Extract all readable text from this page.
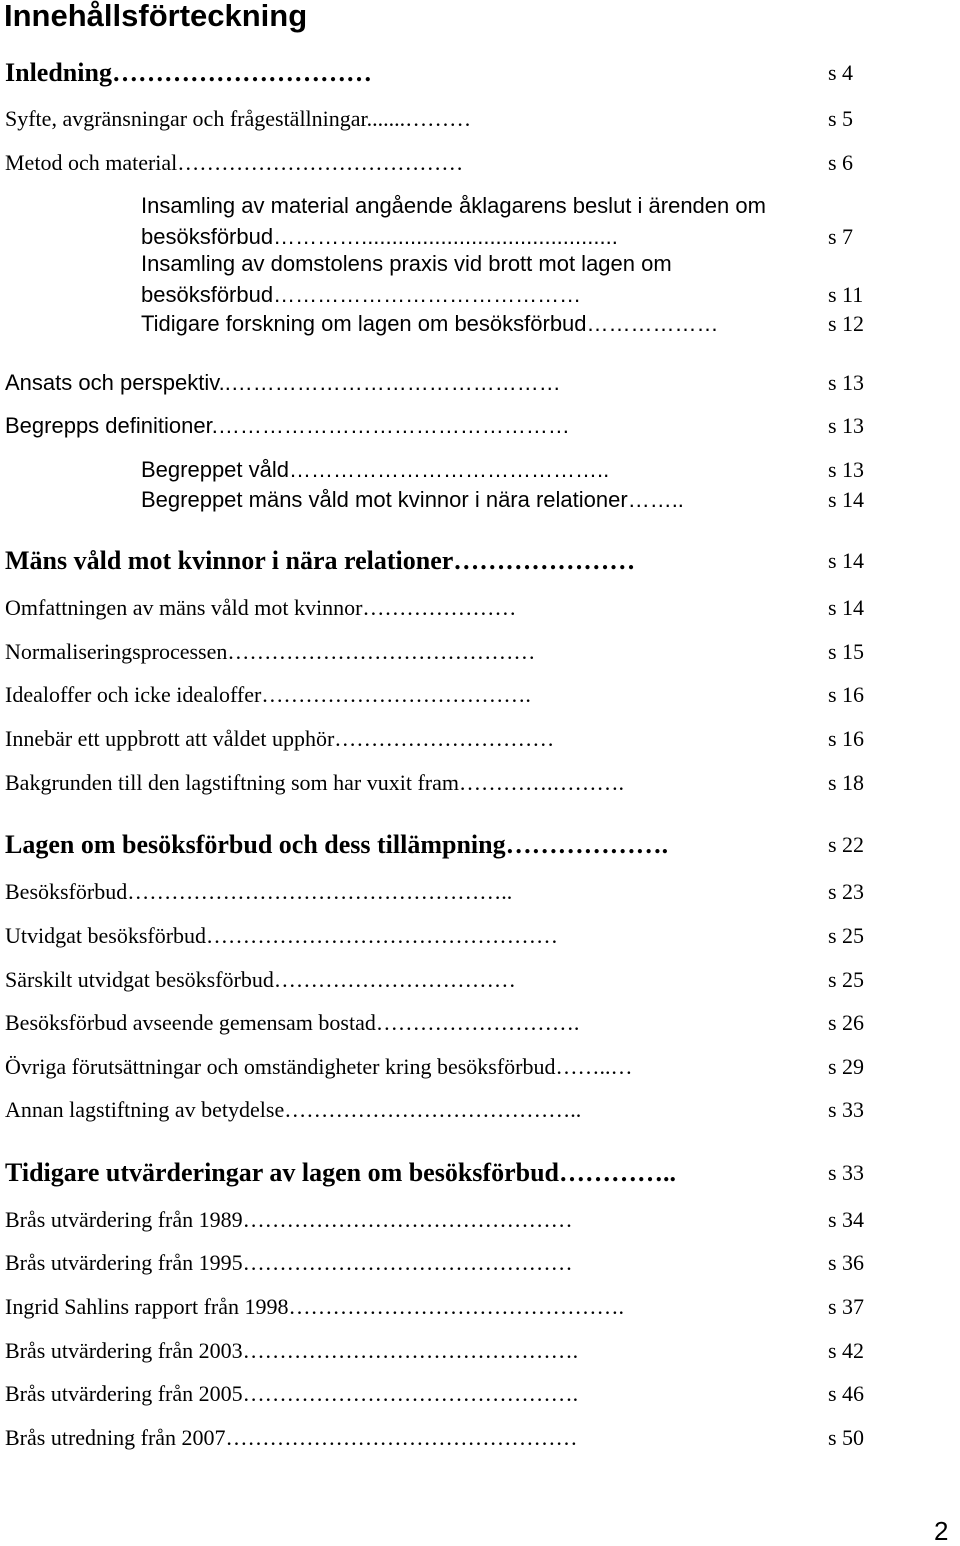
Innehållsförteckning
Inledning…………………………	s 4
Syfte, avgränsningar och frågeställningar.......………	s 5
Metod och material…………………………………	s 6
Insamling av material angående åklagarens beslut i ärenden om
besöksförbud…………..........................................	s 7
Insamling av domstolens praxis vid brott mot lagen om
besöksförbud……………………………………	s 11
Tidigare forskning om lagen om besöksförbud………………	s 12
Ansats och perspektiv..………………………………………	s 13
Begrepps definitioner.…………………………………………	s 13
Begreppet våld……………………………………..	s 13
Begreppet mäns våld mot kvinnor i nära relationer……..	s 14
Mäns våld mot kvinnor i nära relationer…………………	s 14
Omfattningen av mäns våld mot kvinnor…………………	s 14
Normaliseringsprocessen……………………………………	s 15
Idealoffer och icke idealoffer……………………………….	s 16
Innebär ett uppbrott att våldet upphör…………………………	s 16
Bakgrunden till den lagstiftning som har vuxit fram………….……….	s 18
Lagen om besöksförbud och dess tillämpning……………….	s 22
Besöksförbud……………………………………………..	s 23
Utvidgat besöksförbud…………………………………………	s 25
Särskilt utvidgat besöksförbud……………………………	s 25
Besöksförbud avseende gemensam bostad……………………….	s 26
Övriga förutsättningar och omständigheter kring besöksförbud……..…	s 29
Annan lagstiftning av betydelse…………………………………..	s 33
Tidigare utvärderingar av lagen om besöksförbud…………..	s 33
Brås utvärdering från 1989………………………………………	s 34
Brås utvärdering från 1995………………………………………	s 36
Ingrid Sahlins rapport från 1998……………………………………….	s 37
Brås utvärdering från 2003……………………………………….	s 42
Brås utvärdering från 2005……………………………………….	s 46
Brås utredning från 2007…………………………………………	s 50
2
